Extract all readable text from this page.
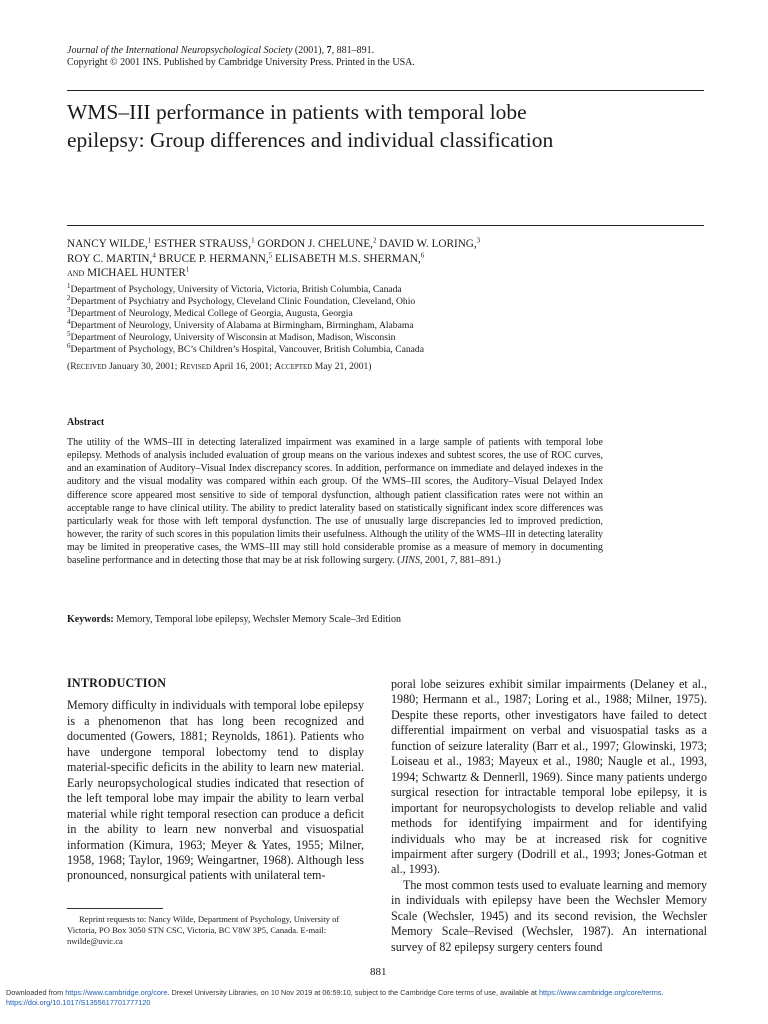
Journal of the International Neuropsychological Society (2001), 7, 881–891.
Copyright © 2001 INS. Published by Cambridge University Press. Printed in the USA.
WMS–III performance in patients with temporal lobe
epilepsy: Group differences and individual classification
NANCY WILDE,$^1$ ESTHER STRAUSS,$^1$ GORDON J. CHELUNE,$^2$ DAVID W. LORING,$^3$
ROY C. MARTIN,$^4$ BRUCE P. HERMANN,$^5$ ELISABETH M.S. SHERMAN,$^6$
and MICHAEL HUNTER$^1$
$^1$Department of Psychology, University of Victoria, Victoria, British Columbia, Canada
$^2$Department of Psychiatry and Psychology, Cleveland Clinic Foundation, Cleveland, Ohio
$^3$Department of Neurology, Medical College of Georgia, Augusta, Georgia
$^4$Department of Neurology, University of Alabama at Birmingham, Birmingham, Alabama
$^5$Department of Neurology, University of Wisconsin at Madison, Madison, Wisconsin
$^6$Department of Psychology, BC’s Children’s Hospital, Vancouver, British Columbia, Canada
(Received January 30, 2001; Revised April 16, 2001; Accepted May 21, 2001)
Abstract

The utility of the WMS–III in detecting lateralized impairment was examined in a large sample of patients with temporal lobe epilepsy. Methods of analysis included evaluation of group means on the various indexes and subtest scores, the use of ROC curves, and an examination of Auditory–Visual Index discrepancy scores. In addition, performance on immediate and delayed indexes in the auditory and the visual modality was compared within each group. Of the WMS–III scores, the Auditory–Visual Delayed Index difference score appeared most sensitive to side of temporal dysfunction, although patient classification rates were not within an acceptable range to have clinical utility. The ability to predict laterality based on statistically significant index score differences was particularly weak for those with left temporal dysfunction. The use of unusually large discrepancies led to improved prediction, however, the rarity of such scores in this population limits their usefulness. Although the utility of the WMS–III in detecting laterality may be limited in preoperative cases, the WMS–III may still hold considerable promise as a measure of memory in documenting baseline performance and in detecting those that may be at risk following surgery. (JINS, 2001, 7, 881–891.)

Keywords: Memory, Temporal lobe epilepsy, Wechsler Memory Scale–3rd Edition
INTRODUCTION

Memory difficulty in individuals with temporal lobe epilepsy is a phenomenon that has long been recognized and documented (Gowers, 1881; Reynolds, 1861). Patients who have undergone temporal lobectomy tend to display material-specific deficits in the ability to learn new material. Early neuropsychological studies indicated that resection of the left temporal lobe may impair the ability to learn verbal material while right temporal resection can produce a deficit in the ability to learn new nonverbal and visuospatial information (Kimura, 1963; Meyer & Yates, 1955; Milner, 1958, 1968; Taylor, 1969; Weingartner, 1968). Although less pronounced, nonsurgical patients with unilateral tem-

poral lobe seizures exhibit similar impairments (Delaney et al., 1980; Hermann et al., 1987; Loring et al., 1988; Milner, 1975). Despite these reports, other investigators have failed to detect differential impairment on verbal and visuospatial tasks as a function of seizure laterality (Barr et al., 1997; Glowinski, 1973; Loiseau et al., 1983; Mayeux et al., 1980; Naugle et al., 1993, 1994; Schwartz & Dennerll, 1969). Since many patients undergo surgical resection for intractable temporal lobe epilepsy, it is important for neuropsychologists to develop reliable and valid methods for identifying impairment and for identifying individuals who may be at increased risk for cognitive impairment after surgery (Dodrill et al., 1993; Jones-Gotman et al., 1993).

The most common tests used to evaluate learning and memory in individuals with epilepsy have been the Wechsler Memory Scale (Wechsler, 1945) and its second revision, the Wechsler Memory Scale–Revised (Wechsler, 1987). An international survey of 82 epilepsy surgery centers found

Reprint requests to: Nancy Wilde, Department of Psychology, University of Victoria, PO Box 3050 STN CSC, Victoria, BC V8W 3P5, Canada. E-mail: nwilde@uvic.ca
881
Downloaded from https://www.cambridge.org/core. Drexel University Libraries, on 10 Nov 2019 at 06:59:10, subject to the Cambridge Core terms of use, available at https://www.cambridge.org/core/terms.
https://doi.org/10.1017/S1355617701777120
